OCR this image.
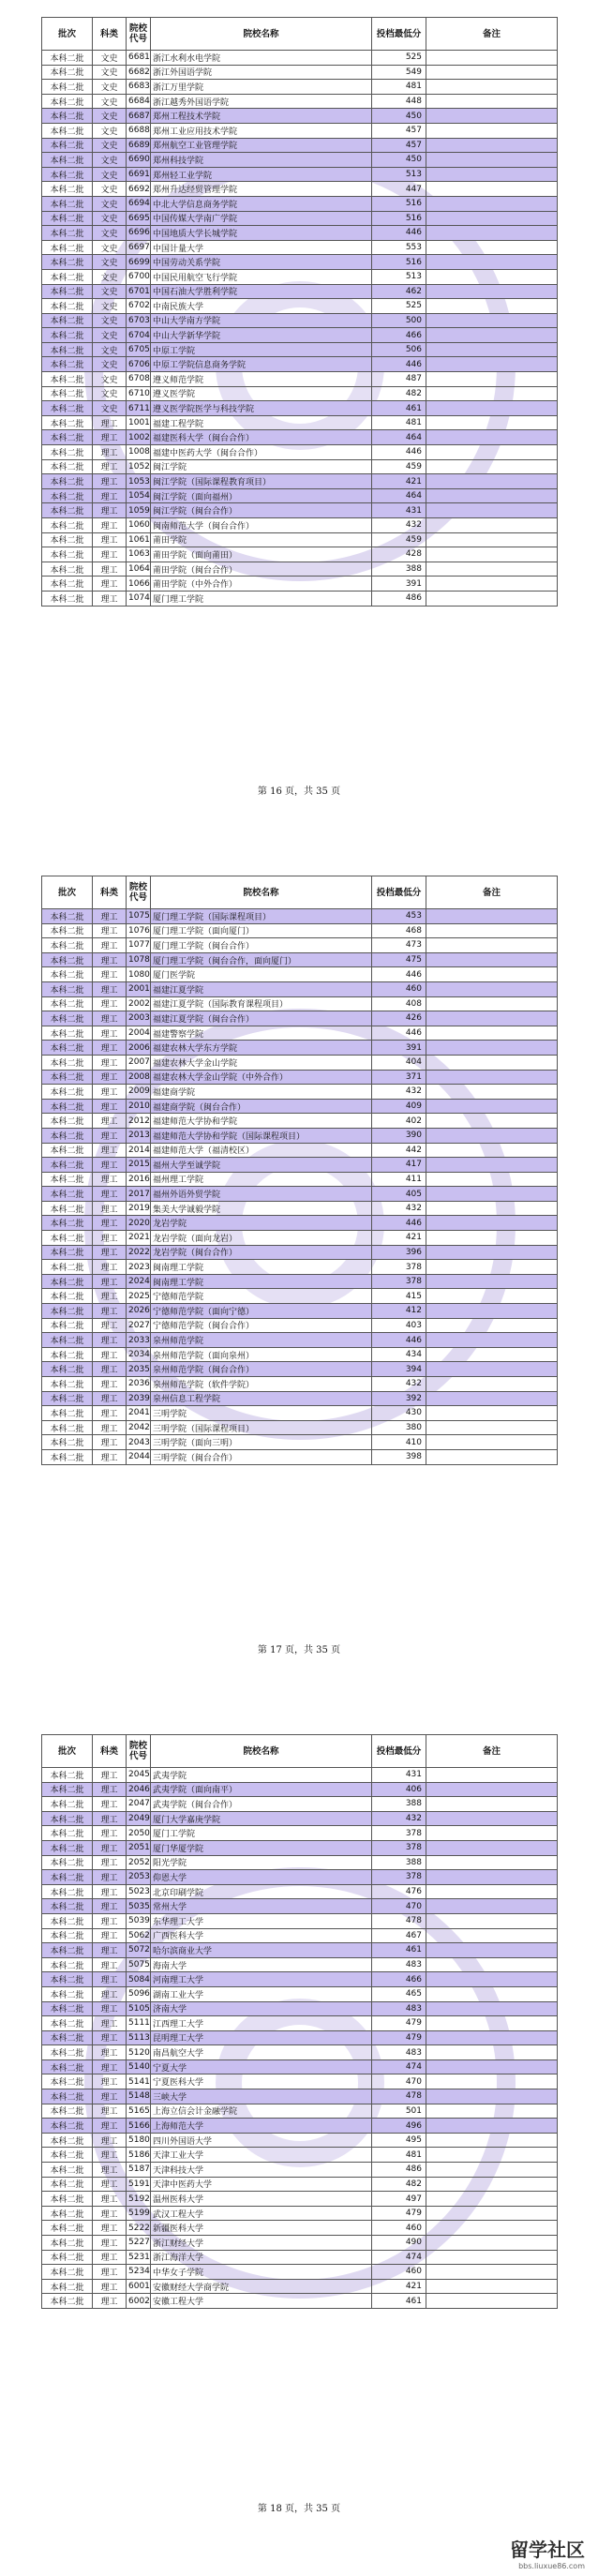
批次	科类	院校代号	院校名称	投档最低分	备注
本科二批	文史	6681	浙江水利水电学院	525	
本科二批	文史	6682	浙江外国语学院	549	
本科二批	文史	6683	浙江万里学院	481	
本科二批	文史	6684	浙江越秀外国语学院	448	
本科二批	文史	6687	郑州工程技术学院	450	
本科二批	文史	6688	郑州工业应用技术学院	457	
本科二批	文史	6689	郑州航空工业管理学院	457	
本科二批	文史	6690	郑州科技学院	450	
本科二批	文史	6691	郑州轻工业学院	513	
本科二批	文史	6692	郑州升达经贸管理学院	447	
本科二批	文史	6694	中北大学信息商务学院	516	
本科二批	文史	6695	中国传媒大学南广学院	516	
本科二批	文史	6696	中国地质大学长城学院	446	
本科二批	文史	6697	中国计量大学	553	
本科二批	文史	6699	中国劳动关系学院	516	
本科二批	文史	6700	中国民用航空飞行学院	513	
本科二批	文史	6701	中国石油大学胜利学院	462	
本科二批	文史	6702	中南民族大学	525	
本科二批	文史	6703	中山大学南方学院	500	
本科二批	文史	6704	中山大学新华学院	466	
本科二批	文史	6705	中原工学院	506	
本科二批	文史	6706	中原工学院信息商务学院	446	
本科二批	文史	6708	遵义师范学院	487	
本科二批	文史	6710	遵义医学院	482	
本科二批	文史	6711	遵义医学院医学与科技学院	461	
本科二批	理工	1001	福建工程学院	481	
本科二批	理工	1002	福建医科大学（闽台合作）	464	
本科二批	理工	1008	福建中医药大学（闽台合作）	446	
本科二批	理工	1052	闽江学院	459	
本科二批	理工	1053	闽江学院（国际课程教育项目）	421	
本科二批	理工	1054	闽江学院（面向福州）	464	
本科二批	理工	1059	闽江学院（闽台合作）	431	
本科二批	理工	1060	闽南师范大学（闽台合作）	432	
本科二批	理工	1061	莆田学院	459	
本科二批	理工	1063	莆田学院（面向莆田）	428	
本科二批	理工	1064	莆田学院（闽台合作）	388	
本科二批	理工	1066	莆田学院（中外合作）	391	
本科二批	理工	1074	厦门理工学院	486	
第 16 页，共 35 页
批次	科类	院校代号	院校名称	投档最低分	备注
本科二批	理工	1075	厦门理工学院（国际课程项目）	453	
本科二批	理工	1076	厦门理工学院（面向厦门）	468	
本科二批	理工	1077	厦门理工学院（闽台合作）	473	
本科二批	理工	1078	厦门理工学院（闽台合作，面向厦门）	475	
本科二批	理工	1080	厦门医学院	446	
本科二批	理工	2001	福建江夏学院	460	
本科二批	理工	2002	福建江夏学院（国际教育课程项目）	408	
本科二批	理工	2003	福建江夏学院（闽台合作）	426	
本科二批	理工	2004	福建警察学院	446	
本科二批	理工	2006	福建农林大学东方学院	391	
本科二批	理工	2007	福建农林大学金山学院	404	
本科二批	理工	2008	福建农林大学金山学院（中外合作）	371	
本科二批	理工	2009	福建商学院	432	
本科二批	理工	2010	福建商学院（闽台合作）	409	
本科二批	理工	2012	福建师范大学协和学院	402	
本科二批	理工	2013	福建师范大学协和学院（国际课程项目）	390	
本科二批	理工	2014	福建师范大学（福清校区）	442	
本科二批	理工	2015	福州大学至诚学院	417	
本科二批	理工	2016	福州理工学院	411	
本科二批	理工	2017	福州外语外贸学院	405	
本科二批	理工	2019	集美大学诚毅学院	432	
本科二批	理工	2020	龙岩学院	446	
本科二批	理工	2021	龙岩学院（面向龙岩）	421	
本科二批	理工	2022	龙岩学院（闽台合作）	396	
本科二批	理工	2023	闽南理工学院	378	
本科二批	理工	2024	闽南理工学院	378	
本科二批	理工	2025	宁德师范学院	415	
本科二批	理工	2026	宁德师范学院（面向宁德）	412	
本科二批	理工	2027	宁德师范学院（闽台合作）	403	
本科二批	理工	2033	泉州师范学院	446	
本科二批	理工	2034	泉州师范学院（面向泉州）	434	
本科二批	理工	2035	泉州师范学院（闽台合作）	394	
本科二批	理工	2036	泉州师范学院（软件学院）	432	
本科二批	理工	2039	泉州信息工程学院	392	
本科二批	理工	2041	三明学院	430	
本科二批	理工	2042	三明学院（国际课程项目）	380	
本科二批	理工	2043	三明学院（面向三明）	410	
本科二批	理工	2044	三明学院（闽台合作）	398	
第 17 页，共 35 页
批次	科类	院校代号	院校名称	投档最低分	备注
本科二批	理工	2045	武夷学院	431	
本科二批	理工	2046	武夷学院（面向南平）	406	
本科二批	理工	2047	武夷学院（闽台合作）	388	
本科二批	理工	2049	厦门大学嘉庚学院	432	
本科二批	理工	2050	厦门工学院	378	
本科二批	理工	2051	厦门华厦学院	378	
本科二批	理工	2052	阳光学院	388	
本科二批	理工	2053	仰恩大学	378	
本科二批	理工	5023	北京印刷学院	476	
本科二批	理工	5035	常州大学	470	
本科二批	理工	5039	东华理工大学	478	
本科二批	理工	5062	广西医科大学	467	
本科二批	理工	5072	哈尔滨商业大学	461	
本科二批	理工	5075	海南大学	483	
本科二批	理工	5084	河南理工大学	466	
本科二批	理工	5096	湖南工业大学	465	
本科二批	理工	5105	济南大学	483	
本科二批	理工	5111	江西理工大学	479	
本科二批	理工	5113	昆明理工大学	479	
本科二批	理工	5120	南昌航空大学	483	
本科二批	理工	5140	宁夏大学	474	
本科二批	理工	5141	宁夏医科大学	470	
本科二批	理工	5148	三峡大学	478	
本科二批	理工	5165	上海立信会计金融学院	501	
本科二批	理工	5166	上海师范大学	496	
本科二批	理工	5180	四川外国语大学	495	
本科二批	理工	5186	天津工业大学	481	
本科二批	理工	5187	天津科技大学	486	
本科二批	理工	5191	天津中医药大学	482	
本科二批	理工	5192	温州医科大学	497	
本科二批	理工	5199	武汉工程大学	479	
本科二批	理工	5222	新疆医科大学	460	
本科二批	理工	5227	浙江财经大学	490	
本科二批	理工	5231	浙江海洋大学	474	
本科二批	理工	5234	中华女子学院	460	
本科二批	理工	6001	安徽财经大学商学院	421	
本科二批	理工	6002	安徽工程大学	461	
第 18 页，共 35 页
留学社区
bbs.liuxue86.com
